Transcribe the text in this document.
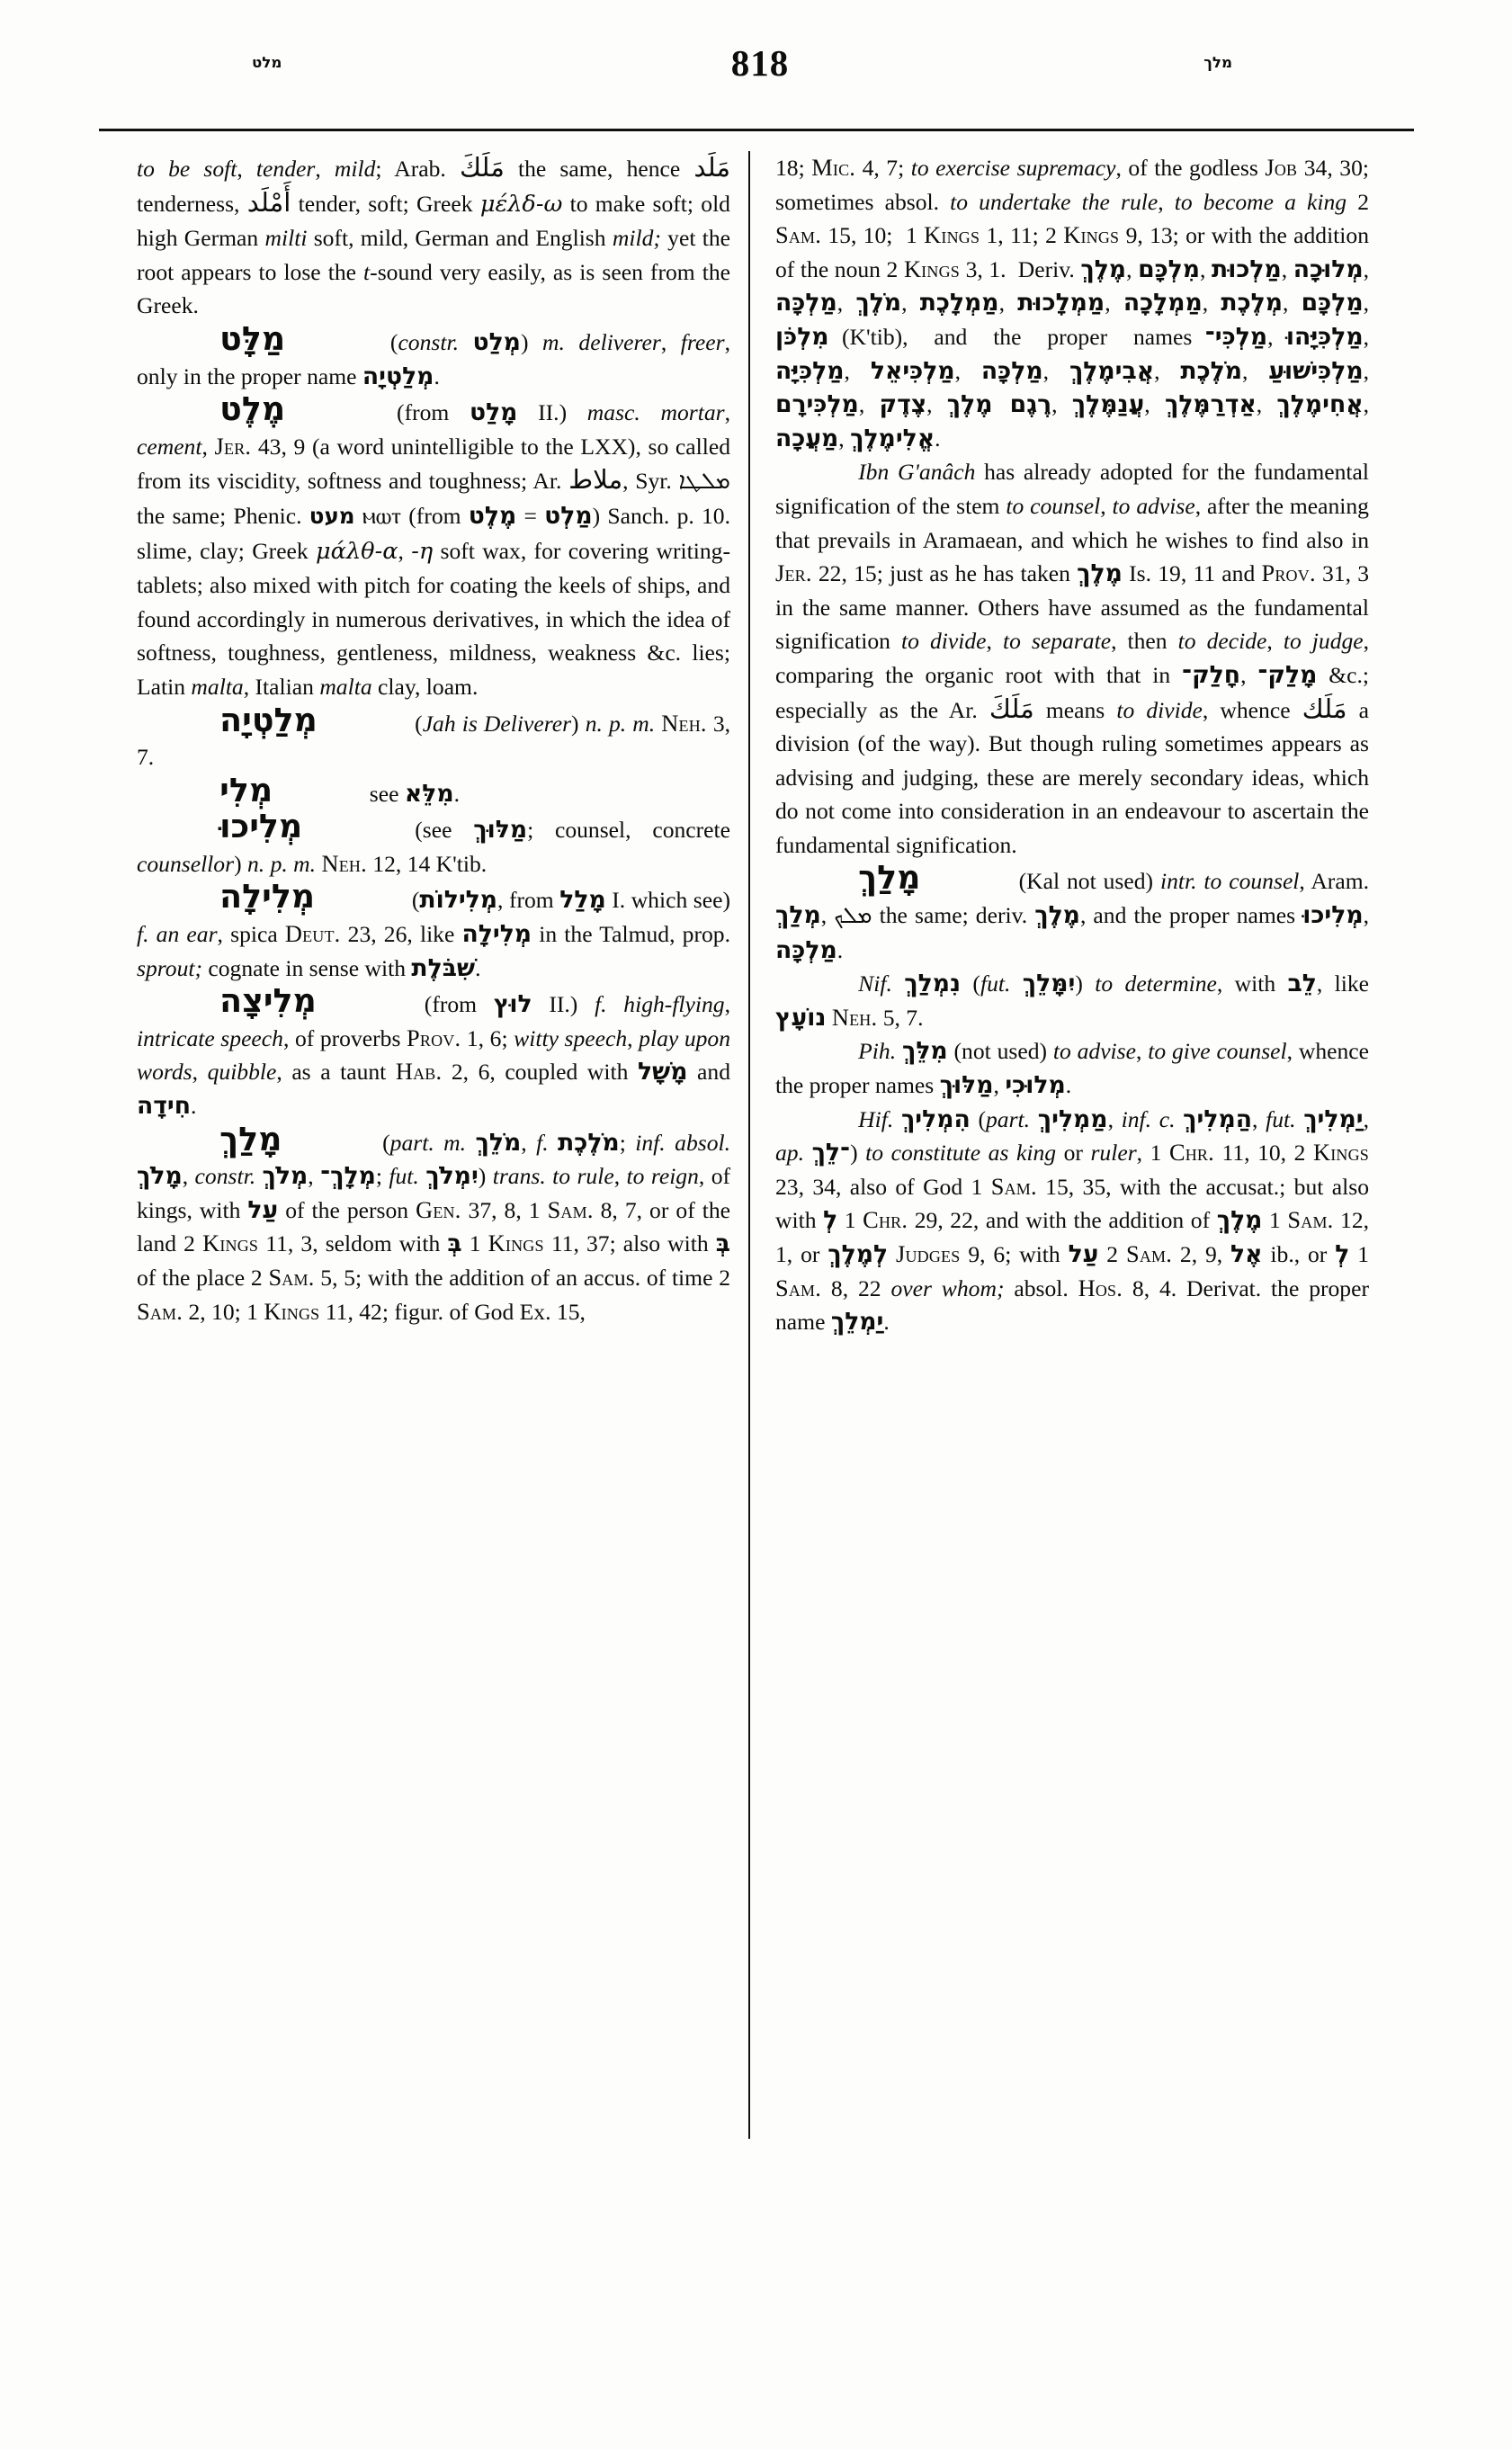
מלט	818	מלך

to be soft, tender, mild; Arab. مَلَكَ the same, hence مَلَد tenderness, أَمْلَد tender, soft; Greek μέλδ-ω to make soft; old high German milti soft, mild, German and English mild; yet the root appears to lose the t-sound very easily, as is seen from the Greek.

מַלָּט	(constr. מְלַט) m. deliverer, freer, only in the proper name מְלַטְיָה.

מֶלֶט	(from מָלַט II.) masc. mortar, cement, Jer. 43, 9 (a word unintelligible to the LXX), so called from its viscidity, softness and toughness; Ar. ملاط, Syr. ܡܠܛܐ the same; Phenic. מעט ⲙⲱⲧ (from מֶלֶט = מַלְט) Sanch. p. 10. slime, clay; Greek μάλθ-α, -η soft wax, for covering writing-tablets; also mixed with pitch for coating the keels of ships, and found accordingly in numerous derivatives, in which the idea of softness, toughness, gentleness, mildness, weakness &c. lies; Latin malta, Italian malta clay, loam.

מְלַטְיָה	(Jah is Deliverer) n. p. m. Neh. 3, 7.

מְלִי	see מִלֵּא.

מְלִיכוּ	(see מַלּוּךְ; counsel, concrete counsellor) n. p. m. Neh. 12, 14 K'tib.

מְלִילָה	(מְלִילוֹת, from מָלַל I. which see) f. an ear, spica Deut. 23, 26, like מְלִילָה in the Talmud, prop. sprout; cognate in sense with שִׁבֹּלֶת.

מְלִיצָה	(from לוּץ II.) f. high-flying, intricate speech, of proverbs Prov. 1, 6; witty speech, play upon words, quibble, as a taunt Hab. 2, 6, coupled with מָשָׁל and חִידָה.

מָלַךְ	(part. m. מֹלֵךְ, f. מֹלֶכֶת; inf. absol. מָלֹךְ, constr. מְלֹךְ, מְלָךְ־; fut. יִמְלֹךְ) trans. to rule, to reign, of kings, with עַל of the person Gen. 37, 8, 1 Sam. 8, 7, or of the land 2 Kings 11, 3, seldom with בְּ 1 Kings 11, 37; also with בְּ of the place 2 Sam. 5, 5; with the addition of an accus. of time 2 Sam. 2, 10; 1 Kings 11, 42; figur. of God Ex. 15,

18; Mic. 4, 7; to exercise supremacy, of the godless Job 34, 30; sometimes absol. to undertake the rule, to become a king 2 Sam. 15, 10;  1 Kings 1, 11; 2 Kings 9, 13; or with the addition of the noun 2 Kings 3, 1.  Deriv. מֶלֶךְ, מִלְכָּם, מַלְכוּת, מְלוּכָה, מַלְכָּה, מֹלֶךְ, מַמְלָכֶת, מַמְלָכוּת, מַמְלָכָה, מְלֶכֶת, מַלְכָּם, מִלְכֹּן (K'tib),  and  the  proper  names מַלְכִּי־, מַלְכִּיָּהוּ, מַלְכִּיָּה, מַלְכִּיאֵל, מַלְכָּה, אֲבִימֶלֶךְ, מֹלֶכֶת, מַלְכִּישׁוּעַ, מַלְכִּירָם, צֶדֶק, רֶגֶם מֶלֶךְ, עֲנַמֶּלֶךְ, אַדְרַמֶּלֶךְ, אֲחִימֶלֶךְ, מַעֲכָה, אֱלִימֶלֶךְ.

Ibn G'anâch has already adopted for the fundamental signification of the stem to counsel, to advise, after the meaning that prevails in Aramaean, and which he wishes to find also in Jer. 22, 15; just as he has taken מֶלֶךְ Is. 19, 11 and Prov. 31, 3 in the same manner. Others have assumed as the fundamental signification to divide, to separate, then to decide, to judge, comparing the organic root with that in חָלַק־, מָלַק־ &c.; especially as the Ar. مَلَكَ means to divide, whence مَلَك a division (of the way). But though ruling sometimes appears as advising and judging, these are merely secondary ideas, which do not come into consideration in an endeavour to ascertain the fundamental signification.

מָלַךְ	(Kal not used) intr. to counsel, Aram. מְלַךְ, ܡܠܟ the same; deriv. מֶלֶךְ, and the proper names מְלִיכוּ, מַלְכָּה.

Nif. נִמְלַךְ (fut. יִמָּלֵךְ) to determine, with לֵב, like נוֹעָץ Neh. 5, 7.

Pih. מִלֵּךְ (not used) to advise, to give counsel, whence the proper names מַלּוּךְ, מְלוּכִי.

Hif. הִמְלִיךְ (part. מַמְלִיךְ, inf. c. הַמְלִיךְ, fut. יַמְלִיךְ, ap. ־לֵךְ) to constitute as king or ruler, 1 Chr. 11, 10, 2 Kings 23, 34, also of God 1 Sam. 15, 35, with the accusat.; but also with לְ 1 Chr. 29, 22, and with the addition of מֶלֶךְ 1 Sam. 12, 1, or לְמֶלֶךְ Judges 9, 6; with עַל 2 Sam. 2, 9, אֶל ib., or לְ 1 Sam. 8, 22 over whom; absol. Hos. 8, 4. Derivat. the proper name יַמְלֵךְ.
